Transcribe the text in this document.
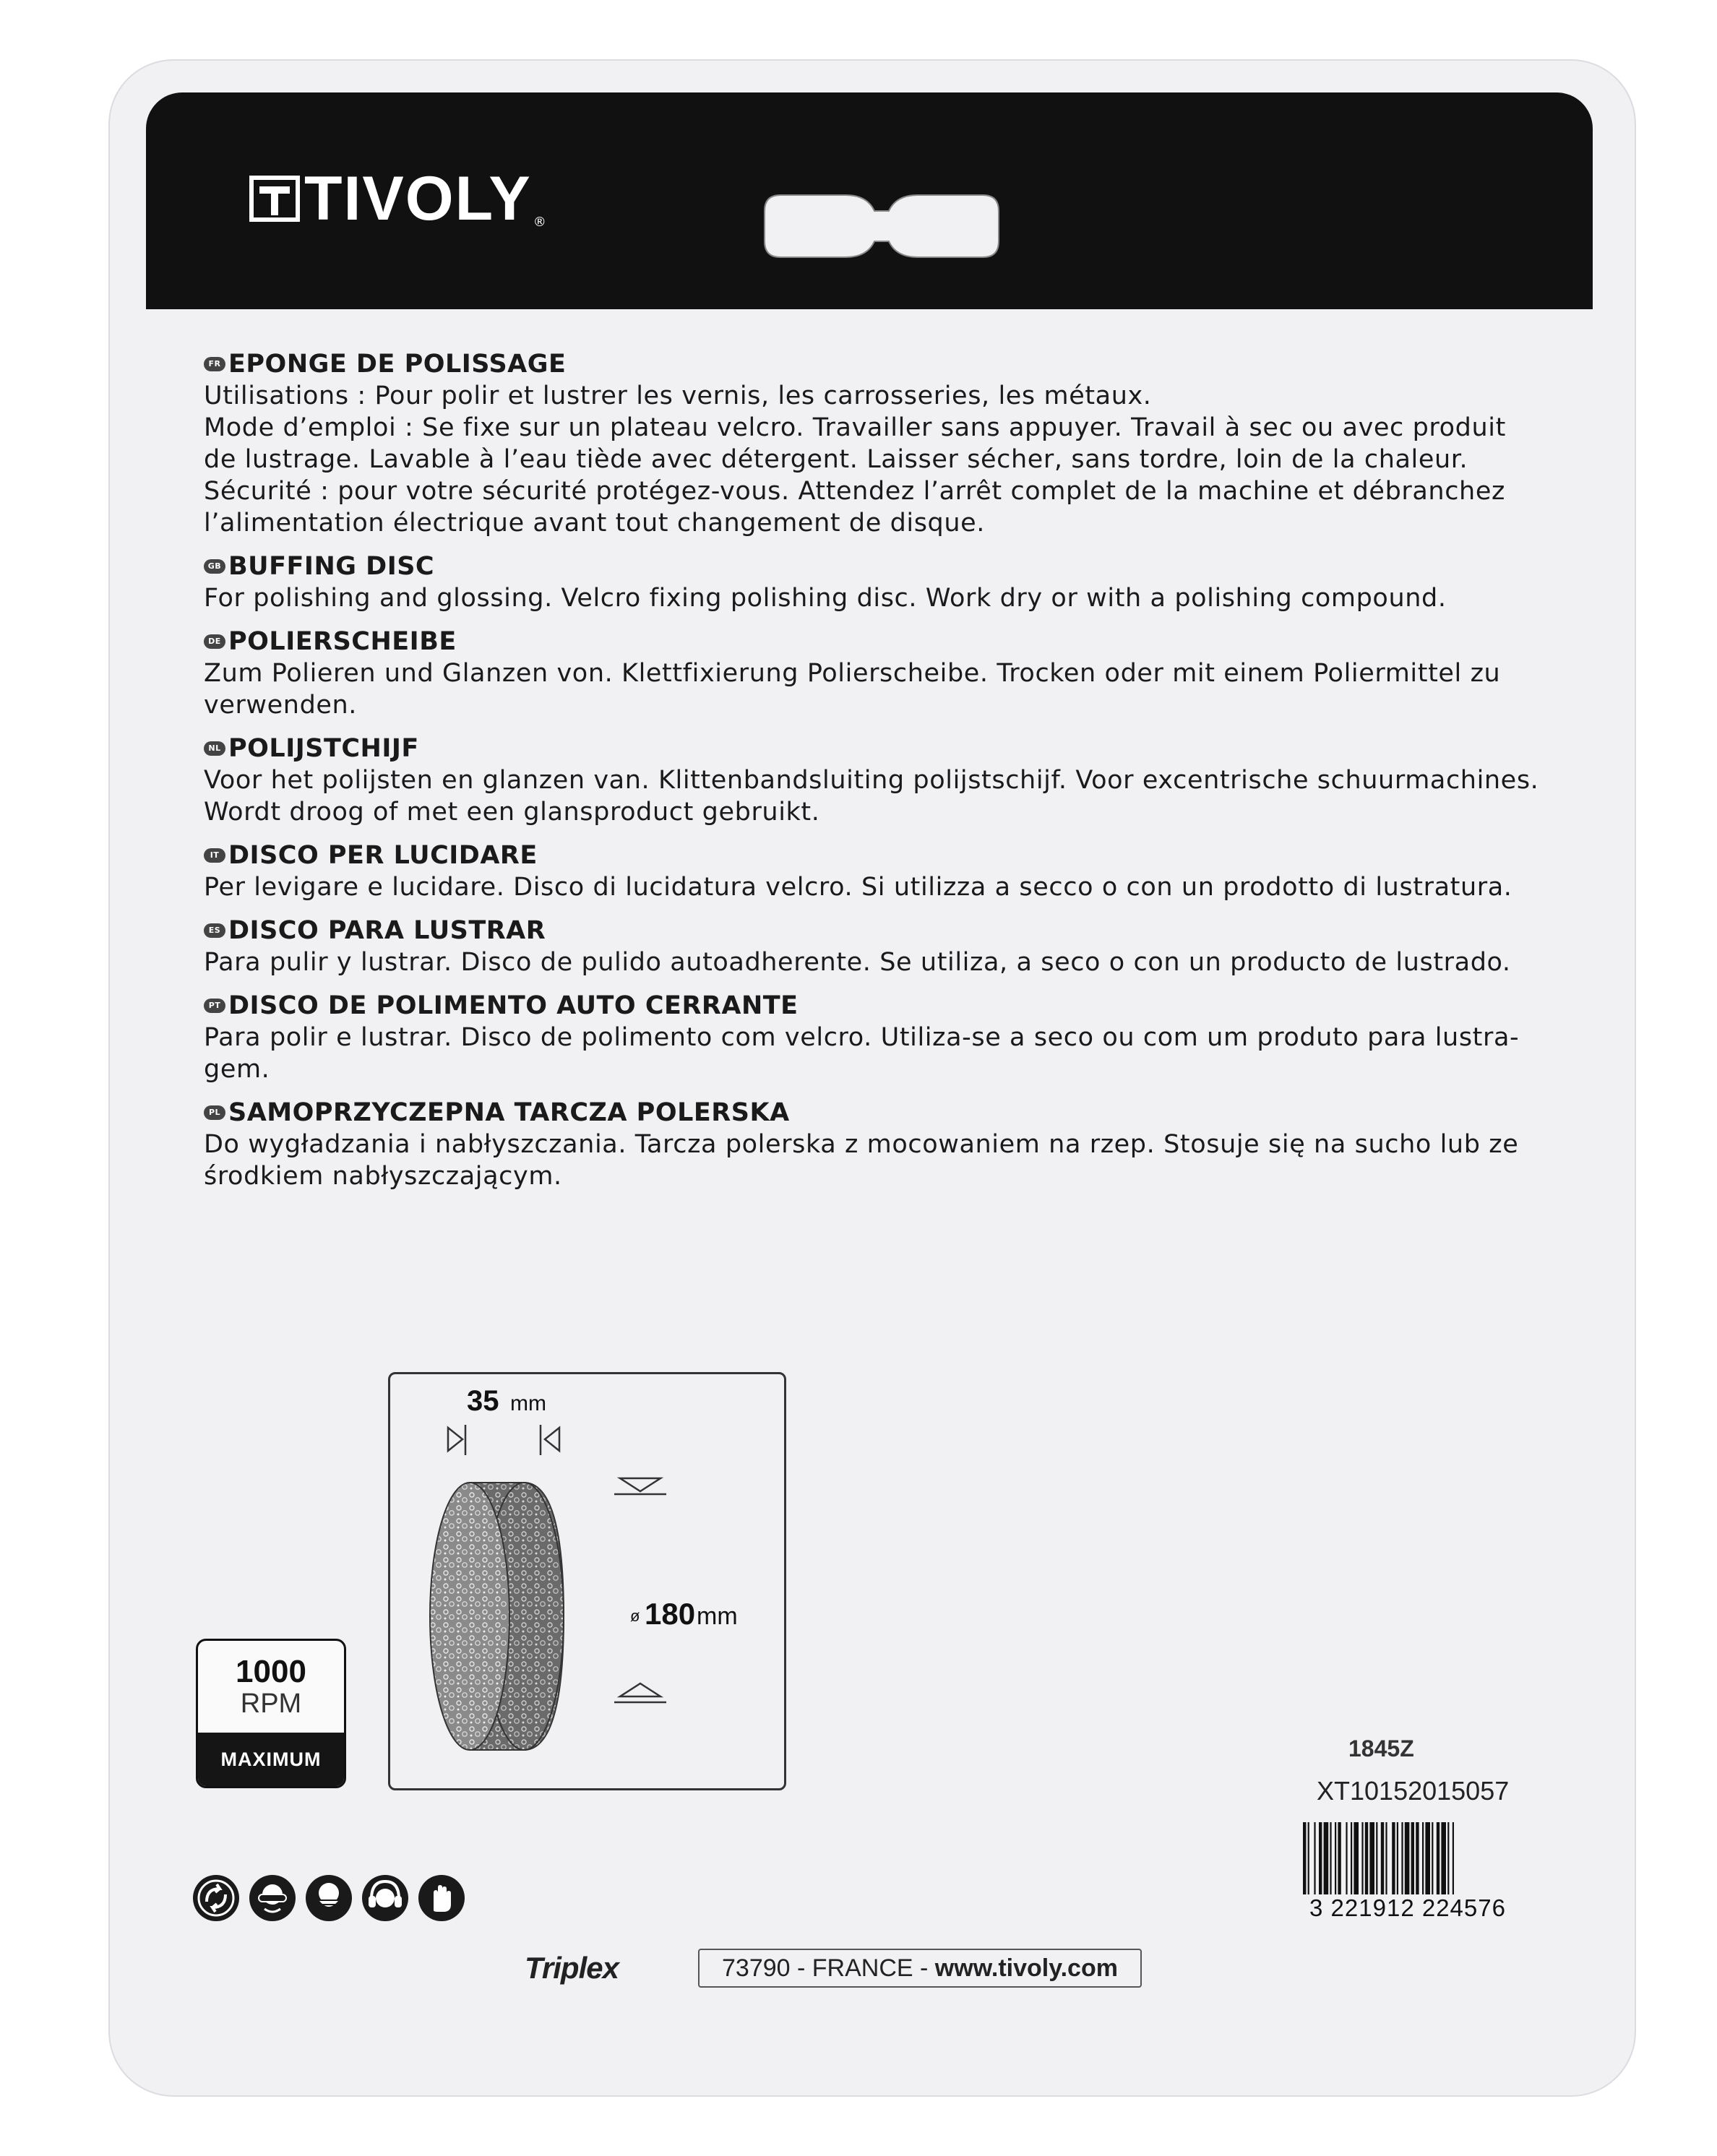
TIVOLY ®
FR EPONGE DE POLISSAGE
Utilisations : Pour polir et lustrer les vernis, les carrosseries, les métaux.
Mode d’emploi : Se fixe sur un plateau velcro. Travailler sans appuyer. Travail à sec ou avec produit
de lustrage. Lavable à l’eau tiède avec détergent. Laisser sécher, sans tordre, loin de la chaleur.
Sécurité : pour votre sécurité protégez-vous. Attendez l’arrêt complet de la machine et débranchez
l’alimentation électrique avant tout changement de disque.
GB BUFFING DISC
For polishing and glossing. Velcro fixing polishing disc. Work dry or with a polishing compound.
DE POLIERSCHEIBE
Zum Polieren und Glanzen von. Klettfixierung Polierscheibe. Trocken oder mit einem Poliermittel zu
verwenden.
NL POLIJSTCHIJF
Voor het polijsten en glanzen van. Klittenbandsluiting polijstschijf. Voor excentrische schuurmachines.
Wordt droog of met een glansproduct gebruikt.
IT DISCO PER LUCIDARE
Per levigare e lucidare. Disco di lucidatura velcro. Si utilizza a secco o con un prodotto di lustratura.
ES DISCO PARA LUSTRAR
Para pulir y lustrar. Disco de pulido autoadherente. Se utiliza, a seco o con un producto de lustrado.
PT DISCO DE POLIMENTO AUTO CERRANTE
Para polir e lustrar. Disco de polimento com velcro. Utiliza-se a seco ou com um produto para lustra-
gem.
PL SAMOPRZYCZEPNA TARCZA POLERSKA
Do wygładzania i nabłyszczania. Tarcza polerska z mocowaniem na rzep. Stosuje się na sucho lub ze
środkiem nabłyszczającym.
35 mm
ø 180 mm
1000
RPM
MAXIMUM	1845Z
XT10152015057
3 221912 224576
Triplex	73790 - FRANCE - www.tivoly.com
